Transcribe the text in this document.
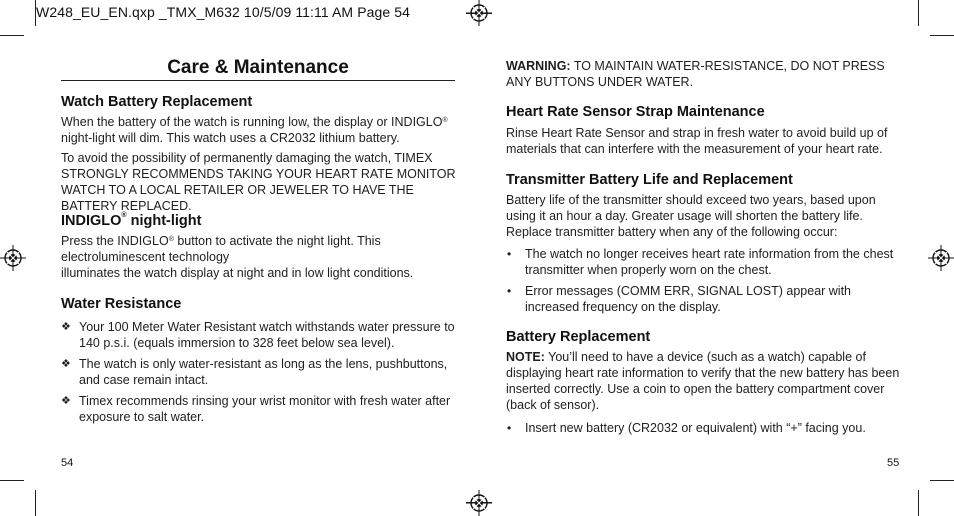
W248_EU_EN.qxp _TMX_M632 10/5/09 11:11 AM Page 54
Care & Maintenance
Watch Battery Replacement
When the battery of the watch is running low, the display or INDIGLO®
night-light will dim. This watch uses a CR2032 lithium battery.
To avoid the possibility of permanently damaging the watch, TIMEX STRONGLY RECOMMENDS TAKING YOUR HEART RATE MONITOR WATCH TO A LOCAL RETAILER OR JEWELER TO HAVE THE BATTERY REPLACED.
INDIGLO® night-light
Press the INDIGLO® button to activate the night light. This
electroluminescent technology
illuminates the watch display at night and in low light conditions.
Water Resistance
❖ Your 100 Meter Water Resistant watch withstands water pressure to 140 p.s.i. (equals immersion to 328 feet below sea level).
❖ The watch is only water-resistant as long as the lens, pushbuttons, and case remain intact.
❖ Timex recommends rinsing your wrist monitor with fresh water after exposure to salt water.
54
WARNING: TO MAINTAIN WATER-RESISTANCE, DO NOT PRESS ANY BUTTONS UNDER WATER.
Heart Rate Sensor Strap Maintenance
Rinse Heart Rate Sensor and strap in fresh water to avoid build up of materials that can interfere with the measurement of your heart rate.
Transmitter Battery Life and Replacement
Battery life of the transmitter should exceed two years, based upon using it an hour a day. Greater usage will shorten the battery life. Replace transmitter battery when any of the following occur:
• The watch no longer receives heart rate information from the chest transmitter when properly worn on the chest.
• Error messages (COMM ERR, SIGNAL LOST) appear with increased frequency on the display.
Battery Replacement
NOTE: You’ll need to have a device (such as a watch) capable of displaying heart rate information to verify that the new battery has been inserted correctly. Use a coin to open the battery compartment cover (back of sensor).
• Insert new battery (CR2032 or equivalent) with “+” facing you.
55
